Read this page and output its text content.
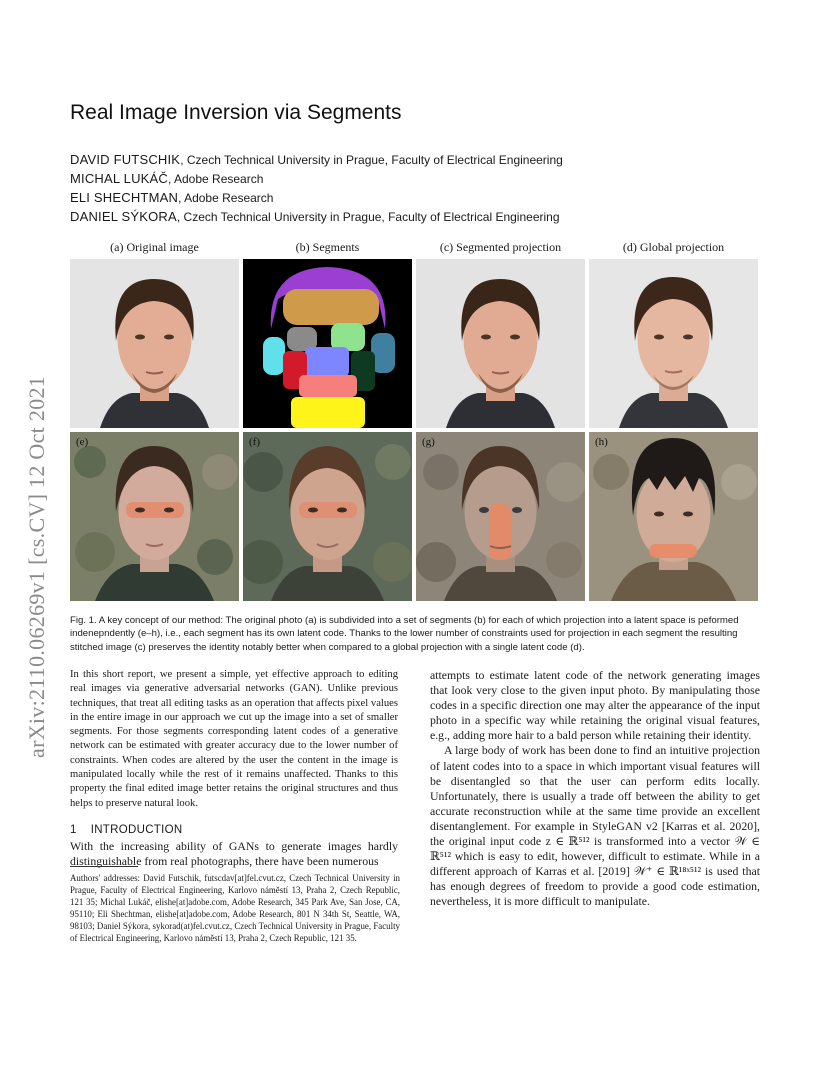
arXiv:2110.06269v1 [cs.CV] 12 Oct 2021
Real Image Inversion via Segments
DAVID FUTSCHIK, Czech Technical University in Prague, Faculty of Electrical Engineering
MICHAL LUKÁČ, Adobe Research
ELI SHECHTMAN, Adobe Research
DANIEL SÝKORA, Czech Technical University in Prague, Faculty of Electrical Engineering
(a) Original image	(b) Segments	(c) Segmented projection	(d) Global projection
(e)	(f)	(g)	(h)
Fig. 1. A key concept of our method: The original photo (a) is subdivided into a set of segments (b) for each of which projection into a latent space is peformed indenepndently (e–h), i.e., each segment has its own latent code. Thanks to the lower number of constraints used for projection in each segment the resulting stitched image (c) preserves the identity notably better when compared to a global projection with a single latent code (d).

In this short report, we present a simple, yet effective approach to editing real images via generative adversarial networks (GAN). Unlike previous techniques, that treat all editing tasks as an operation that affects pixel values in the entire image in our approach we cut up the image into a set of smaller segments. For those segments corresponding latent codes of a generative network can be estimated with greater accuracy due to the lower number of constraints. When codes are altered by the user the content in the image is manipulated locally while the rest of it remains unaffected. Thanks to this property the final edited image better retains the original structures and thus helps to preserve natural look.

1 INTRODUCTION

With the increasing ability of GANs to generate images hardly distinguishable from real photographs, there have been numerous

Authors' addresses: David Futschik, futscdav[at]fel.cvut.cz, Czech Technical University in Prague, Faculty of Electrical Engineering, Karlovo náměstí 13, Praha 2, Czech Republic, 121 35; Michal Lukáč, elishe[at]adobe.com, Adobe Research, 345 Park Ave, San Jose, CA, 95110; Eli Shechtman, elishe[at]adobe.com, Adobe Research, 801 N 34th St, Seattle, WA, 98103; Daniel Sýkora, sykorad(at)fel.cvut.cz, Czech Technical University in Prague, Faculty of Electrical Engineering, Karlovo náměstí 13, Praha 2, Czech Republic, 121 35.

attempts to estimate latent code of the network generating images that look very close to the given input photo. By manipulating those codes in a specific direction one may alter the appearance of the input photo in a specific way while retaining the original visual features, e.g., adding more hair to a bald person while retaining their identity.

A large body of work has been done to find an intuitive projection of latent codes into to a space in which important visual features will be disentangled so that the user can perform edits locally. Unfortunately, there is usually a trade off between the ability to get accurate reconstruction while at the same time provide an excellent disentanglement. For example in StyleGAN v2 [Karras et al. 2020], the original input code z ∈ ℝ⁵¹² is transformed into a vector 𝒲 ∈ ℝ⁵¹² which is easy to edit, however, difficult to estimate. While in a different approach of Karras et al. [2019] 𝒲⁺ ∈ ℝ¹⁸ˣ⁵¹² is used that has enough degrees of freedom to provide a good code estimation, nevertheless, it is more difficult to manipulate.
